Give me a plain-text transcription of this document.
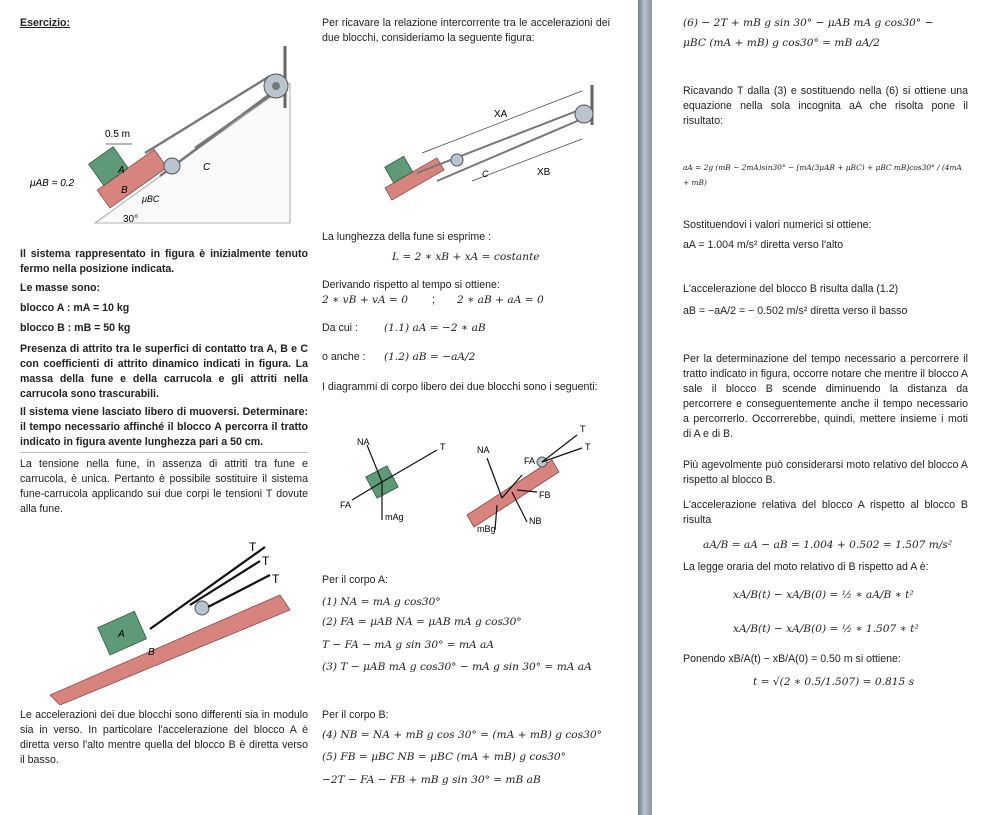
Esercizio:
0.5 m
μAB = 0.2
A
B
C
μBC
30°
Il sistema rappresentato in figura è inizialmente tenuto fermo nella posizione indicata.
Le masse sono:
blocco A : mA = 10 kg
blocco B : mB = 50 kg
Presenza di attrito tra le superfici di contatto tra A, B e C con coefficienti di attrito dinamico indicati in figura. La massa della fune e della carrucola e gli attriti nella carrucola sono trascurabili.
Il sistema viene lasciato libero di muoversi. Determinare: il tempo necessario affinché il blocco A percorra il tratto indicato in figura avente lunghezza pari a 50 cm.
La tensione nella fune, in assenza di attriti tra fune e carrucola, è unica. Pertanto è possibile sostituire il sistema fune-carrucola applicando sui due corpi le tensioni T dovute alla fune.
T
T
T
A
B
Le accelerazioni dei due blocchi sono differenti sia in modulo sia in verso. In particolare l'accelerazione del blocco A è diretta verso l'alto mentre quella del blocco B è diretta verso il basso.
Per ricavare la relazione intercorrente tra le accelerazioni dei due blocchi, consideriamo la seguente figura:
XA
XB
C
La lunghezza della fune si esprime :
L = 2 ∗ xB + xA = costante
Derivando rispetto al tempo si ottiene:
2 ∗ vB + vA = 0 ; 2 ∗ aB + aA = 0
Da cui : (1.1) aA = −2 ∗ aB
o anche : (1.2) aB = −aA/2
I diagrammi di corpo libero dei due blocchi sono i seguenti:
NA	T
FA
mAg
NA
FA
T
T
FB
NB
mBg
Per il corpo A:
(1) NA = mA g cos30°
(2) FA = μAB NA = μAB mA g cos30°
T − FA − mA g sin 30° = mA aA
(3) T − μAB mA g cos30° − mA g sin 30° = mA aA
Per il corpo B:
(4) NB = NA + mB g cos 30° = (mA + mB) g cos30°
(5) FB = μBC NB = μBC (mA + mB) g cos30°
−2T − FA − FB + mB g sin 30° = mB aB
(6) − 2T + mB g sin 30° − μAB mA g cos30° −
μBC (mA + mB) g cos30° = mB aA/2
Ricavando T dalla (3) e sostituendo nella (6) si ottiene una equazione nella sola incognita aA che risolta pone il risultato:
aA = 2g (mB − 2mA)sin30° − [mA(3μAB + μBC) + μBC mB]cos30° / (4mA + mB)
Sostituendovi i valori numerici si ottiene:
aA = 1.004 m/s² diretta verso l'alto
L'accelerazione del blocco B risulta dalla (1.2)
aB = −aA/2 = − 0.502 m/s² diretta verso il basso
Per la determinazione del tempo necessario a percorrere il tratto indicato in figura, occorre notare che mentre il blocco A sale il blocco B scende diminuendo la distanza da percorrere e conseguentemente anche il tempo necessario a percorrerlo. Occorrerebbe, quindi, mettere insieme i moti di A e di B.
Più agevolmente può considerarsi moto relativo del blocco A rispetto al blocco B.
L'accelerazione relativa del blocco A rispetto al blocco B risulta
aA/B = aA − aB = 1.004 + 0.502 = 1.507 m/s²
La legge oraria del moto relativo di B rispetto ad A è:
xA/B(t) − xA/B(0) = ½ ∗ aA/B ∗ t²
xA/B(t) − xA/B(0) = ½ ∗ 1.507 ∗ t²
Ponendo xB/A(t) − xB/A(0) = 0.50 m si ottiene:
t = √(2 ∗ 0.5/1.507) = 0.815 s
